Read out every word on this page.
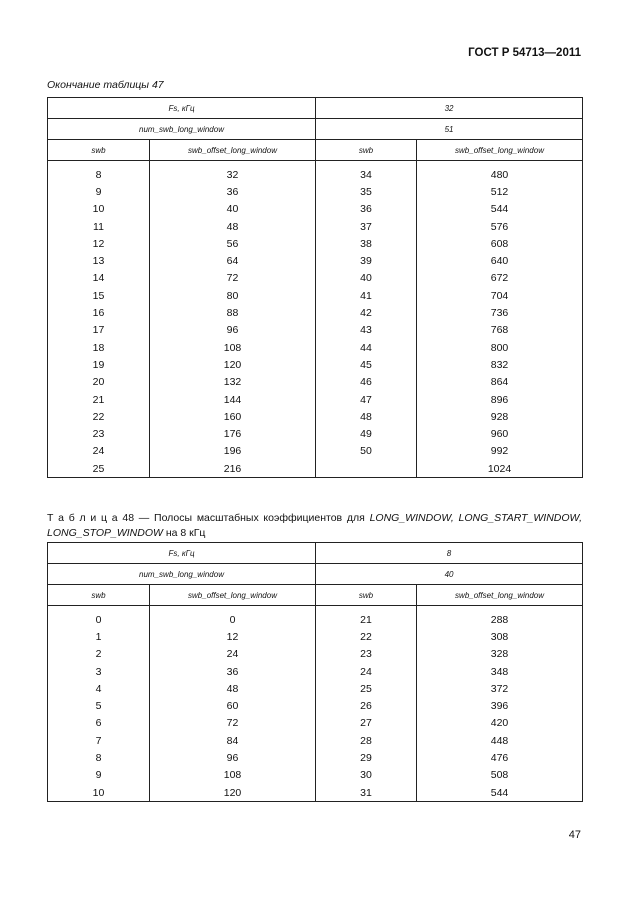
ГОСТ Р 54713—2011
Окончание таблицы 47
Fs, кГц		32	
num_swb_long_window		51	
swb	swb_offset_long_window	swb	swb_offset_long_window
8	32	34	480
9	36	35	512
10	40	36	544
11	48	37	576
12	56	38	608
13	64	39	640
14	72	40	672
15	80	41	704
16	88	42	736
17	96	43	768
18	108	44	800
19	120	45	832
20	132	46	864
21	144	47	896
22	160	48	928
23	176	49	960
24	196	50	992
25	216		1024
Т а б л и ц а 48 — Полосы масштабных коэффициентов для LONG_WINDOW, LONG_START_WINDOW, LONG_STOP_WINDOW на 8 кГц
Fs, кГц		8	
num_swb_long_window		40	
swb	swb_offset_long_window	swb	swb_offset_long_window
0	0	21	288
1	12	22	308
2	24	23	328
3	36	24	348
4	48	25	372
5	60	26	396
6	72	27	420
7	84	28	448
8	96	29	476
9	108	30	508
10	120	31	544
47
